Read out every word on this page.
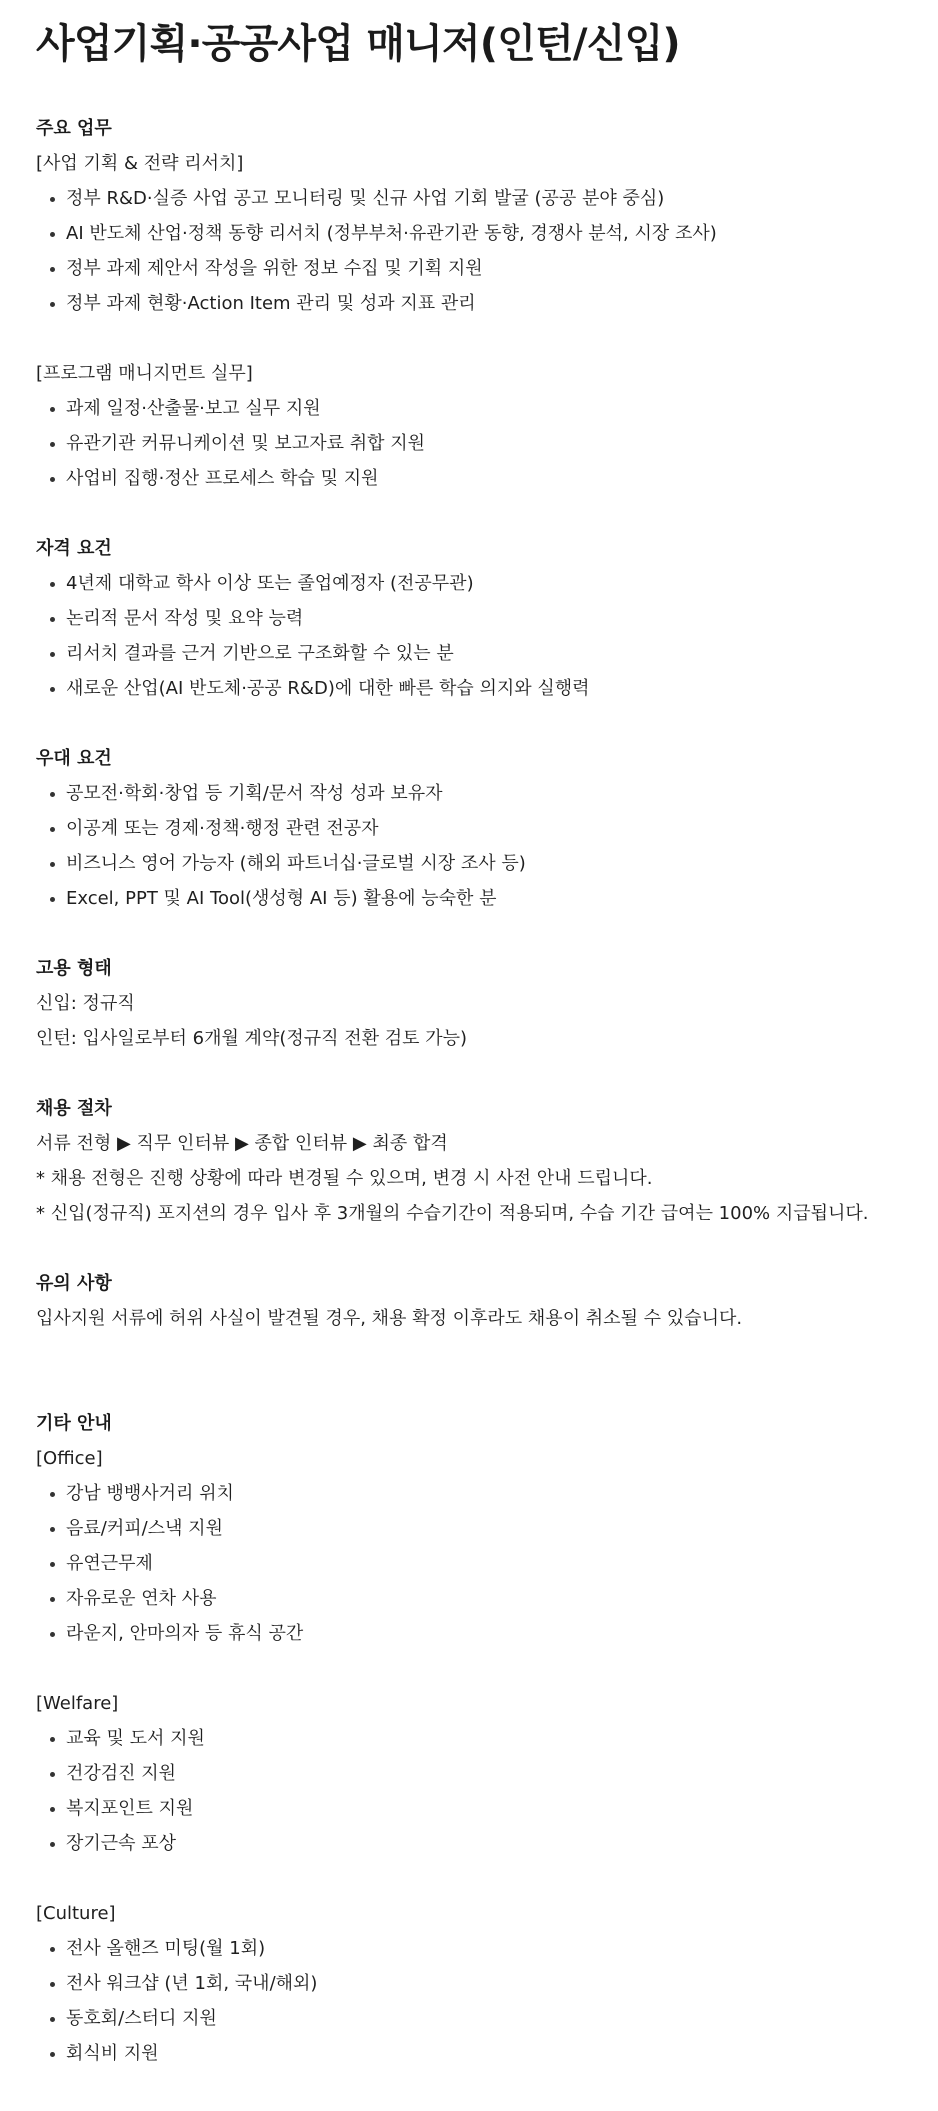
사업기획·공공사업 매니저(인턴/신입)
주요 업무
[사업 기획 & 전략 리서치]
정부 R&D·실증 사업 공고 모니터링 및 신규 사업 기회 발굴 (공공 분야 중심)
AI 반도체 산업·정책 동향 리서치 (정부부처·유관기관 동향, 경쟁사 분석, 시장 조사)
정부 과제 제안서 작성을 위한 정보 수집 및 기획 지원
정부 과제 현황·Action Item 관리 및 성과 지표 관리
[프로그램 매니지먼트 실무]
과제 일정·산출물·보고 실무 지원
유관기관 커뮤니케이션 및 보고자료 취합 지원
사업비 집행·정산 프로세스 학습 및 지원
자격 요건
4년제 대학교 학사 이상 또는 졸업예정자 (전공무관)
논리적 문서 작성 및 요약 능력
리서치 결과를 근거 기반으로 구조화할 수 있는 분
새로운 산업(AI 반도체·공공 R&D)에 대한 빠른 학습 의지와 실행력
우대 요건
공모전·학회·창업 등 기획/문서 작성 성과 보유자
이공계 또는 경제·정책·행정 관련 전공자
비즈니스 영어 가능자 (해외 파트너십·글로벌 시장 조사 등)
Excel, PPT 및 AI Tool(생성형 AI 등) 활용에 능숙한 분
고용 형태
신입: 정규직
인턴: 입사일로부터 6개월 계약(정규직 전환 검토 가능)
채용 절차
서류 전형 ▶ 직무 인터뷰 ▶ 종합 인터뷰 ▶ 최종 합격
* 채용 전형은 진행 상황에 따라 변경될 수 있으며, 변경 시 사전 안내 드립니다.
* 신입(정규직) 포지션의 경우 입사 후 3개월의 수습기간이 적용되며, 수습 기간 급여는 100% 지급됩니다.
유의 사항
입사지원 서류에 허위 사실이 발견될 경우, 채용 확정 이후라도 채용이 취소될 수 있습니다.
기타 안내
[Office]
강남 뱅뱅사거리 위치
음료/커피/스낵 지원
유연근무제
자유로운 연차 사용
라운지, 안마의자 등 휴식 공간
[Welfare]
교육 및 도서 지원
건강검진 지원
복지포인트 지원
장기근속 포상
[Culture]
전사 올핸즈 미팅(월 1회)
전사 워크샵 (년 1회, 국내/해외)
동호회/스터디 지원
회식비 지원
